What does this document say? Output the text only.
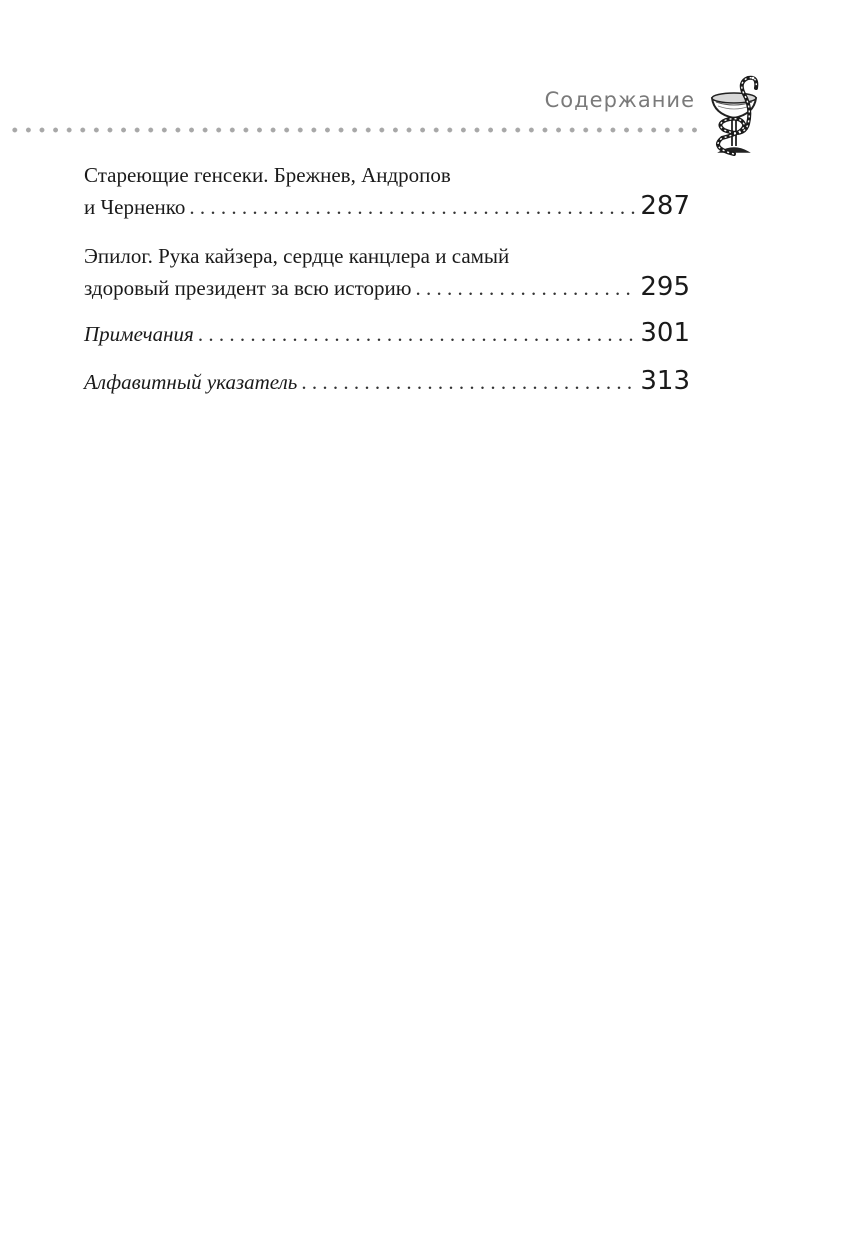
Содержание
Стареющие генсеки. Брежнев, Андропов
и Черненко . . .	287
Эпилог. Рука кайзера, сердце канцлера и самый
здоровый президент за всю историю . . .	295
Примечания . . .	301
Алфавитный указатель . . .	313
